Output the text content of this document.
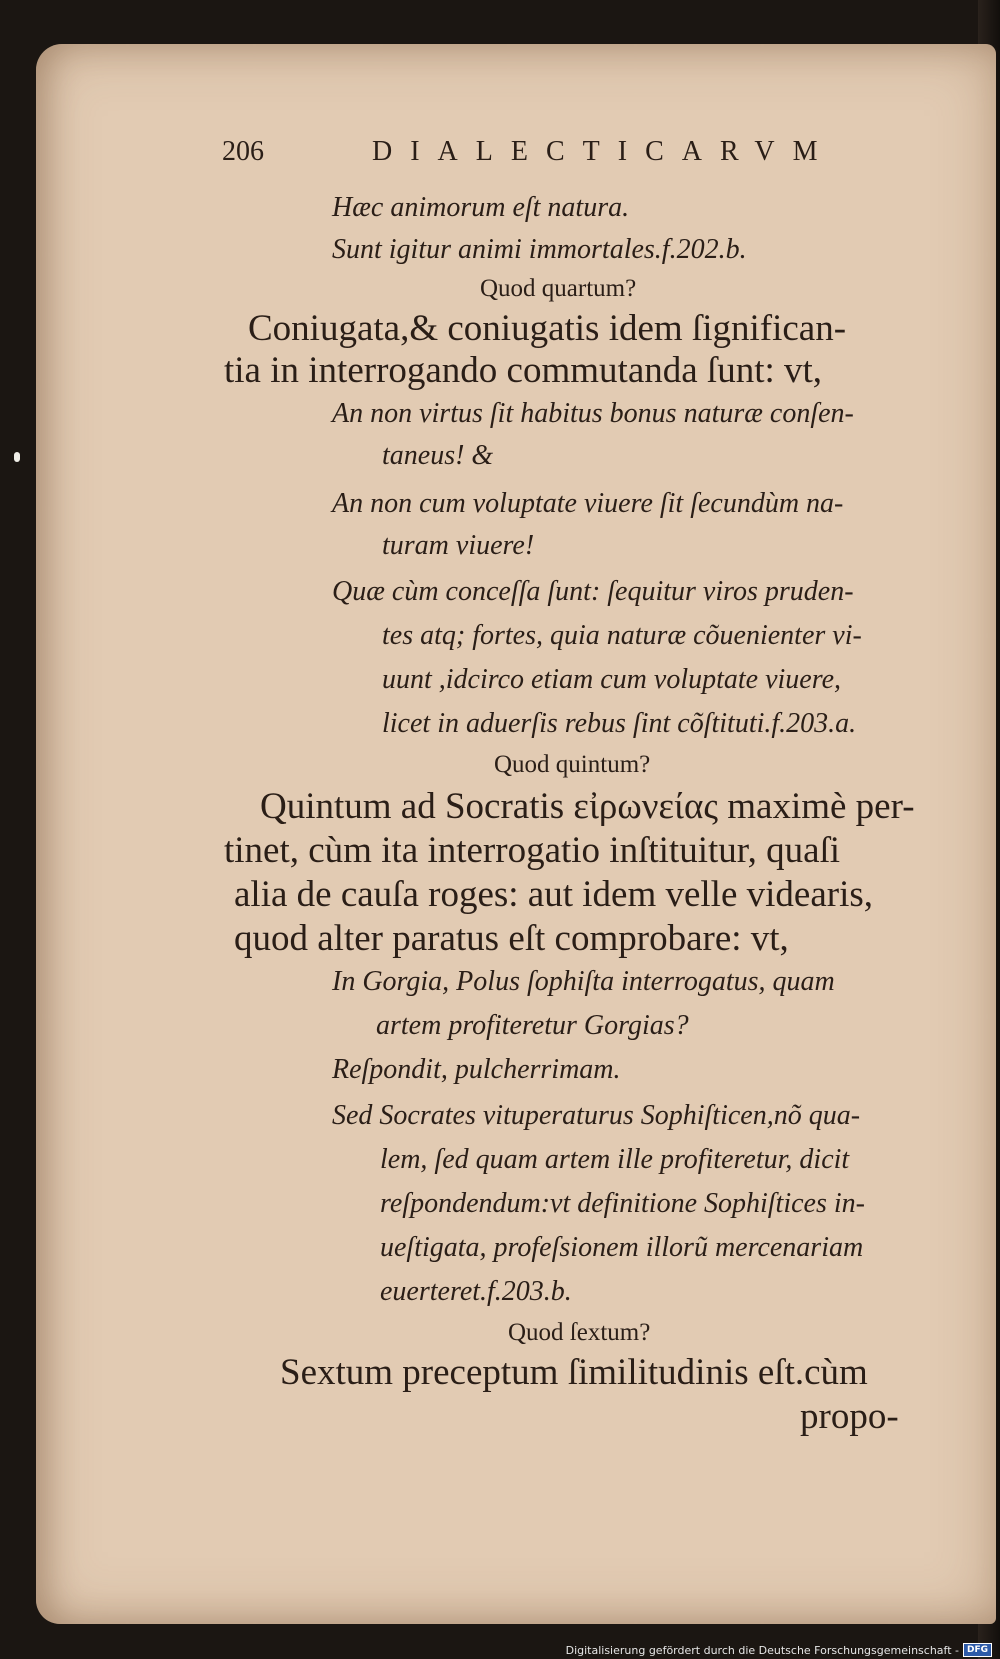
206	DIALECTICARVM
Hæc animorum eſt natura.
Sunt igitur animi immortales.f.202.b.
Quod quartum?
Coniugata,& coniugatis idem ſignifican-
tia in interrogando commutanda ſunt: vt,
An non virtus ſit habitus bonus naturæ conſen-
taneus! &
An non cum voluptate viuere ſit ſecundùm na-
turam viuere!
Quæ cùm conceſſa ſunt: ſequitur viros pruden-
tes atq; fortes, quia naturæ cõuenienter vi-
uunt ,idcirco etiam cum voluptate viuere,
licet in aduerſis rebus ſint cõſtituti.f.203.a.
Quod quintum?
Quintum ad Socratis εἰρωνείας maximè per-
tinet, cùm ita interrogatio inſtituitur, quaſi
alia de cauſa roges: aut idem velle videaris,
quod alter paratus eſt comprobare: vt,
In Gorgia, Polus ſophiſta interrogatus, quam
artem profiteretur Gorgias?
Reſpondit, pulcherrimam.
Sed Socrates vituperaturus Sophiſticen,nõ qua-
lem, ſed quam artem ille profiteretur, dicit
reſpondendum:vt definitione Sophiſtices in-
ueſtigata, profeſsionem illorũ mercenariam
euerteret.f.203.b.
Quod ſextum?
Sextum preceptum ſimilitudinis eſt.cùm
propo-
Digitalisierung gefördert durch die Deutsche Forschungsgemeinschaft - DFG
